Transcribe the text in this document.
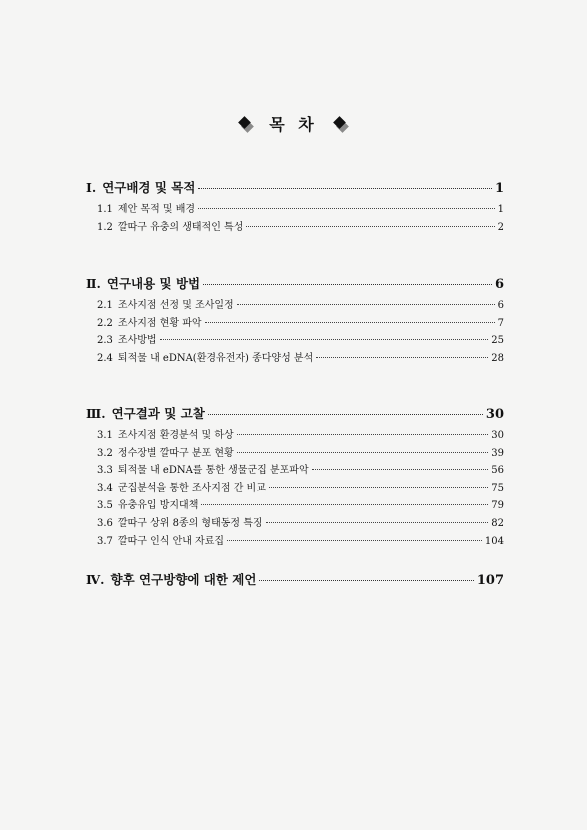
목 차
Ⅰ. 연구배경 및 목적	1
1.1 제안 목적 및 배경	1
1.2 깔따구 유충의 생태적인 특성	2
Ⅱ. 연구내용 및 방법	6
2.1 조사지점 선정 및 조사일정	6
2.2 조사지점 현황 파악	7
2.3 조사방법	25
2.4 퇴적물 내 eDNA(환경유전자) 종다양성 분석	28
Ⅲ. 연구결과 및 고찰	30
3.1 조사지점 환경분석 및 하상	30
3.2 정수장별 깔따구 분포 현황	39
3.3 퇴적물 내 eDNA를 통한 생물군집 분포파악	56
3.4 군집분석을 통한 조사지점 간 비교	75
3.5 유충유입 방지대책	79
3.6 깔따구 상위 8종의 형태동정 특징	82
3.7 깔따구 인식 안내 자료집	104
Ⅳ. 향후 연구방향에 대한 제언	107
